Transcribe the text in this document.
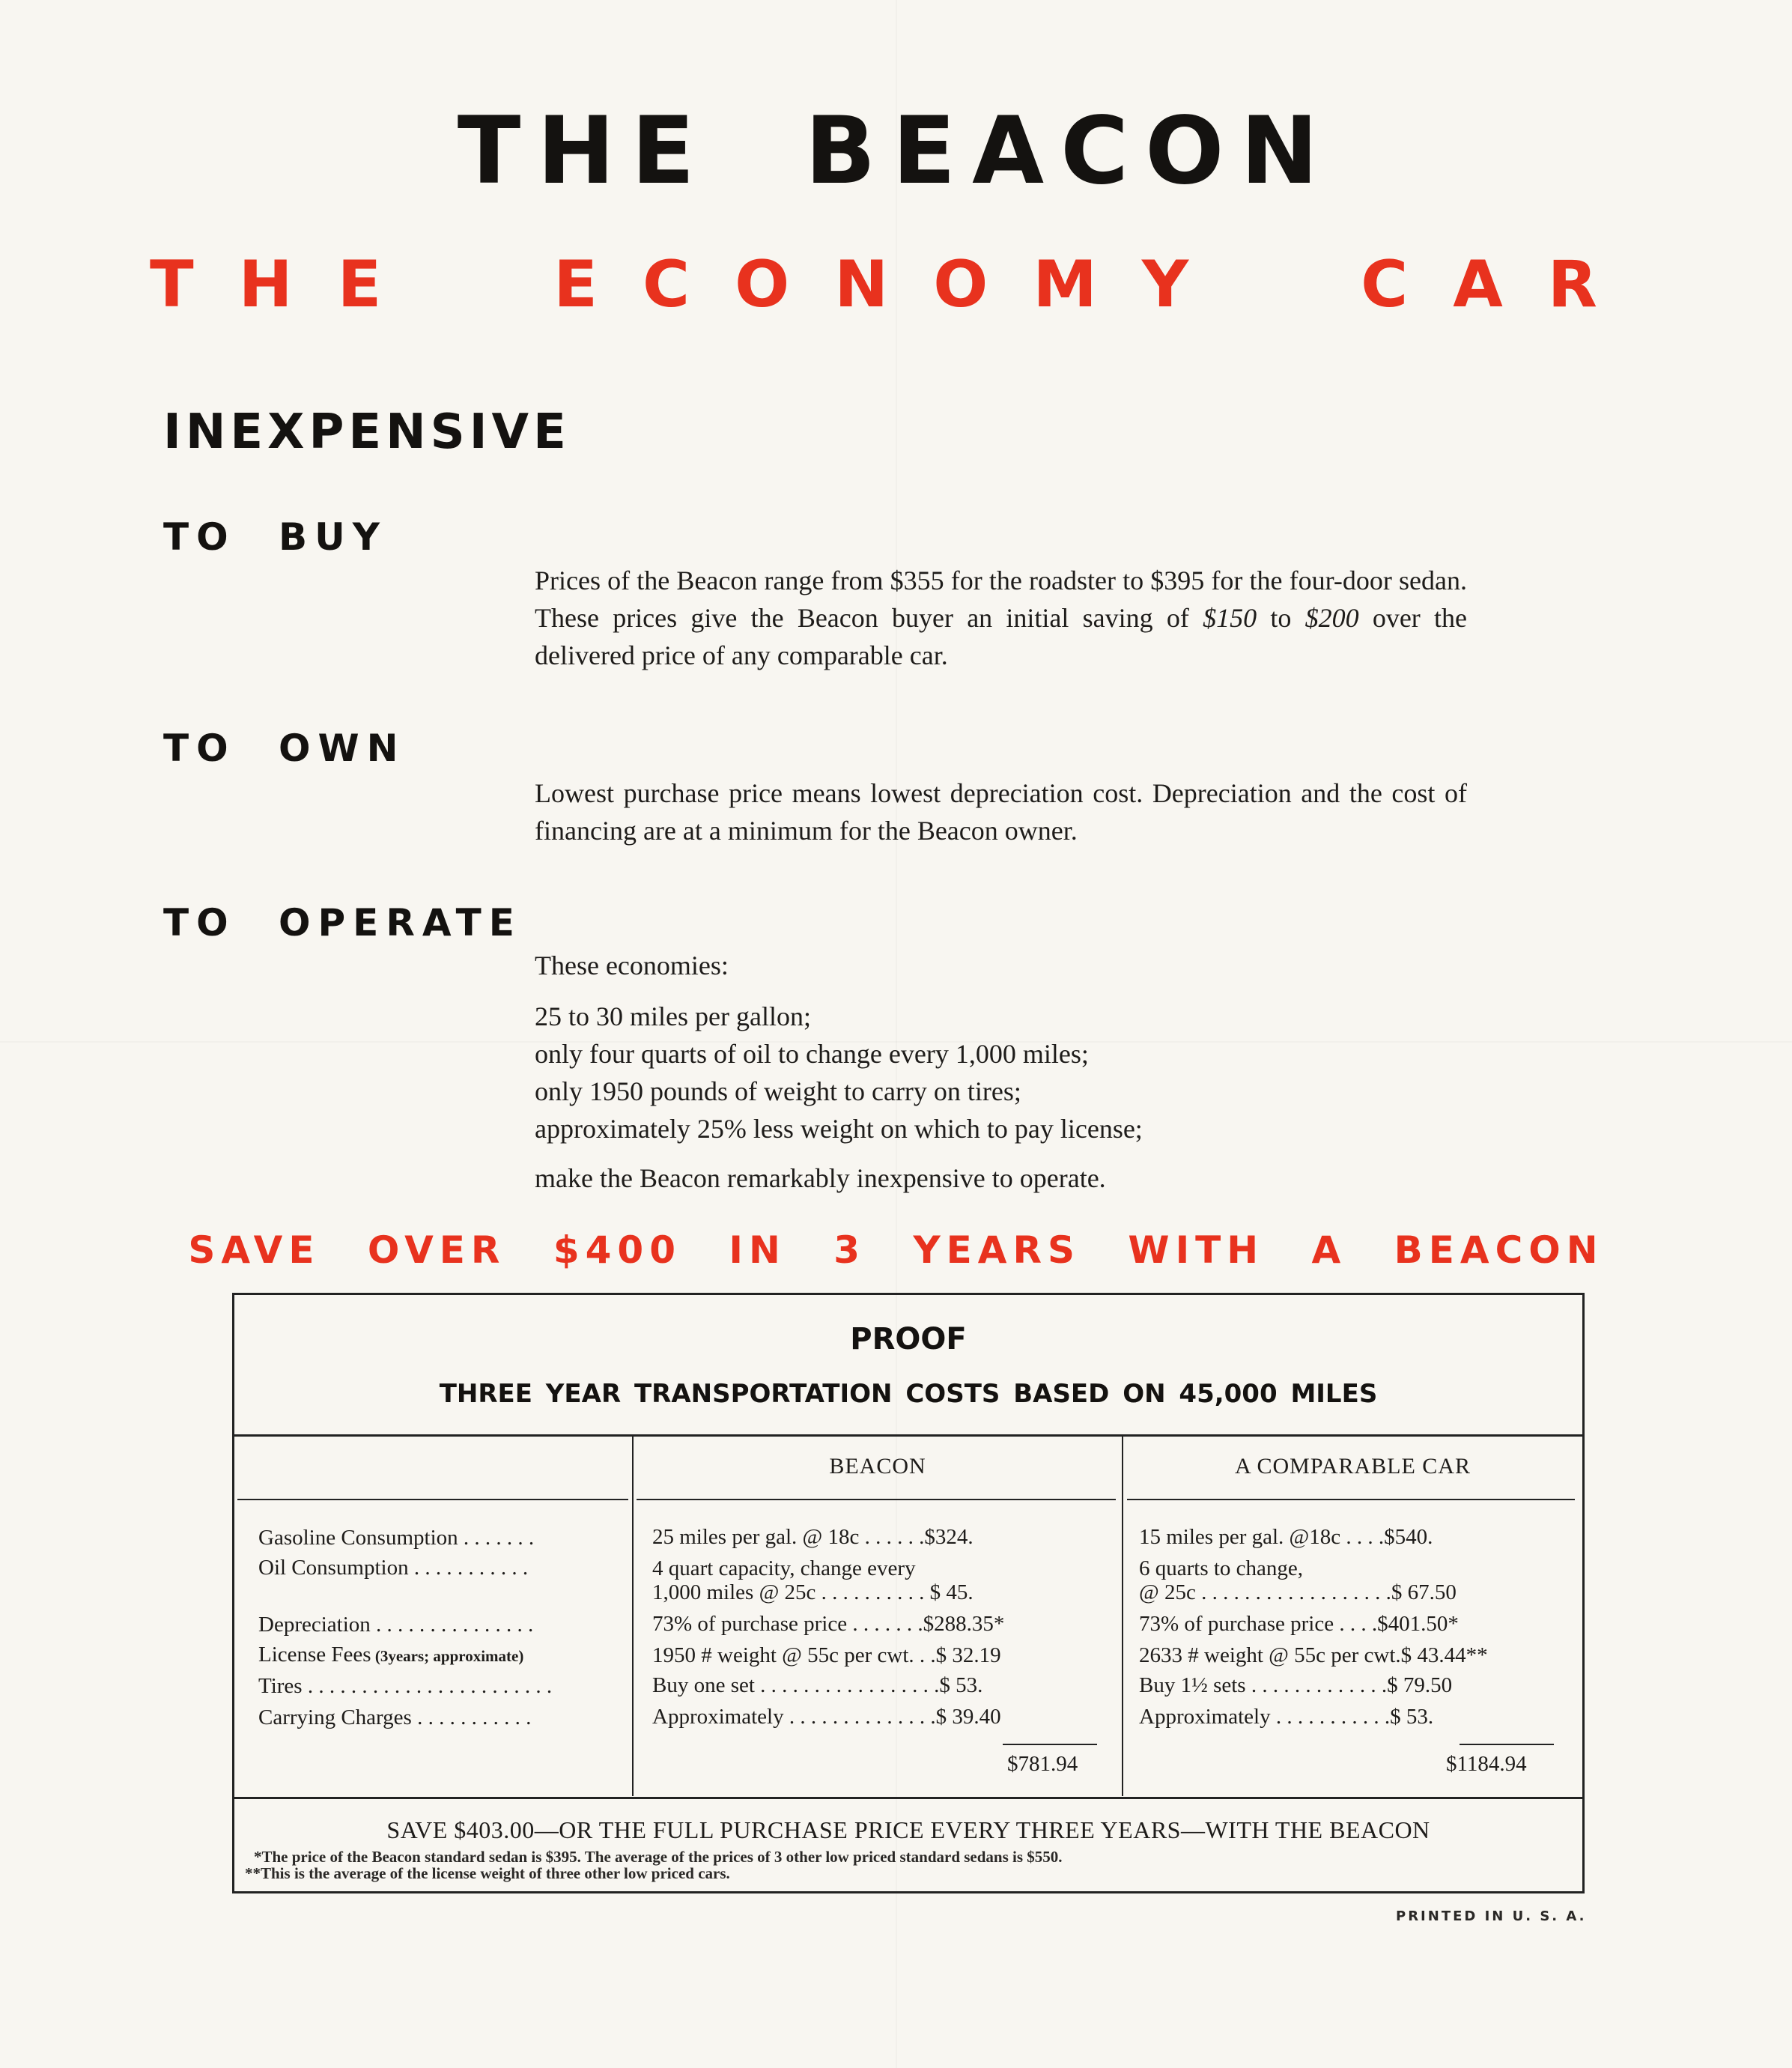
THE BEACON
THE ECONOMY CAR
INEXPENSIVE
TO BUY
Prices of the Beacon range from $355 for the roadster to $395 for the four-door sedan. These prices give the Beacon buyer an initial saving of $150 to $200 over the delivered price of any comparable car.
TO OWN
Lowest purchase price means lowest depreciation cost. Depreciation and the cost of financing are at a minimum for the Beacon owner.
TO OPERATE
These economies:
25 to 30 miles per gallon;
only four quarts of oil to change every 1,000 miles;
only 1950 pounds of weight to carry on tires;
approximately 25% less weight on which to pay license;
make the Beacon remarkably inexpensive to operate.
SAVE OVER $400 IN 3 YEARS WITH A BEACON
PROOF
THREE YEAR TRANSPORTATION COSTS BASED ON 45,000 MILES
BEACON	A COMPARABLE CAR
Gasoline Consumption . . . . . . .
Oil Consumption . . . . . . . . . . .
Depreciation . . . . . . . . . . . . . . .
License Fees (3years; approximate)
Tires . . . . . . . . . . . . . . . . . . . . . . .
Carrying Charges . . . . . . . . . . .
25 miles per gal. @ 18c . . . . . .$324.
4 quart capacity, change every
1,000 miles @ 25c . . . . . . . . . . $ 45.
73% of purchase price . . . . . . .$288.35*
1950 # weight @ 55c per cwt. . .$ 32.19
Buy one set . . . . . . . . . . . . . . . . .$ 53.
Approximately . . . . . . . . . . . . . .$ 39.40
15 miles per gal. @18c . . . .$540.
6 quarts to change,
@ 25c . . . . . . . . . . . . . . . . . .$ 67.50
73% of purchase price . . . .$401.50*
2633 # weight @ 55c per cwt.$ 43.44**
Buy 1½ sets . . . . . . . . . . . . .$ 79.50
Approximately . . . . . . . . . . .$ 53.
$781.94	$1184.94
SAVE $403.00—OR THE FULL PURCHASE PRICE EVERY THREE YEARS—WITH THE BEACON
*The price of the Beacon standard sedan is $395. The average of the prices of 3 other low priced standard sedans is $550.
**This is the average of the license weight of three other low priced cars.
PRINTED IN U. S. A.
